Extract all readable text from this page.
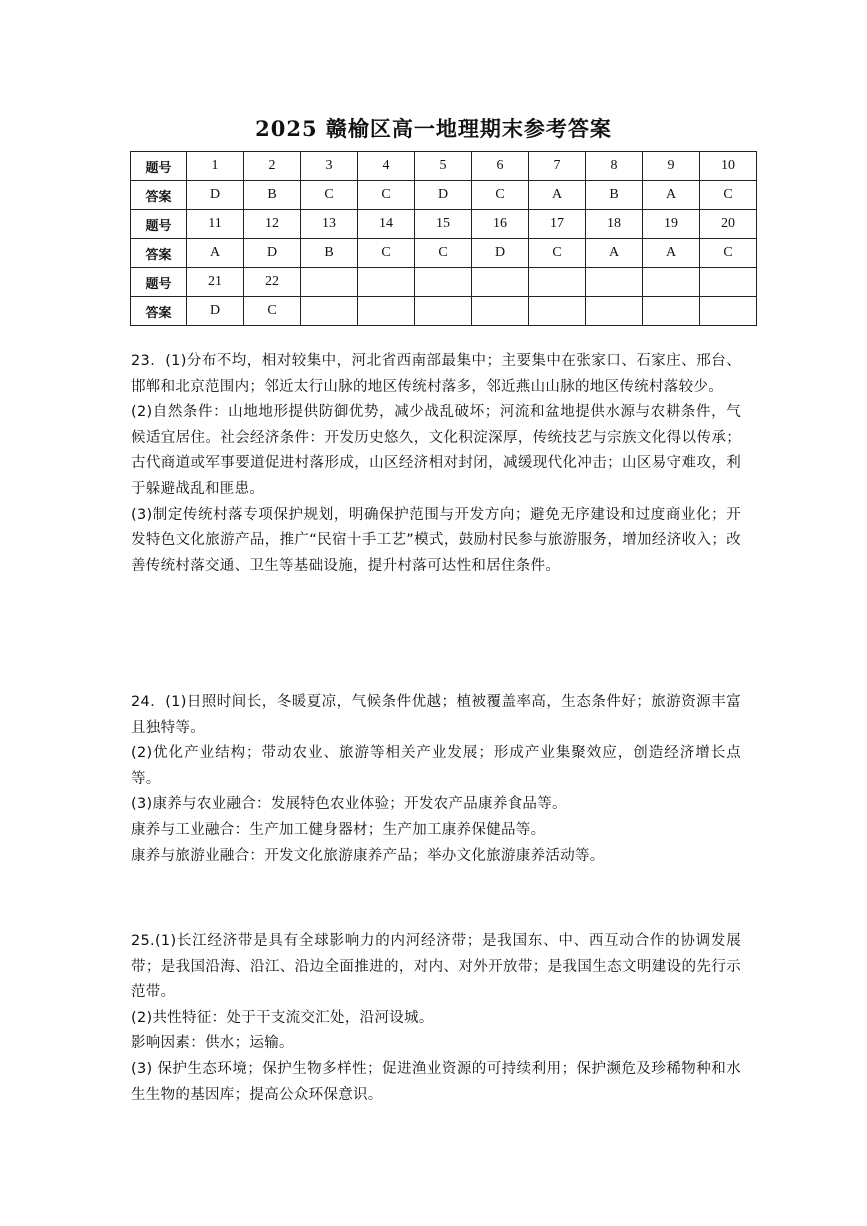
2025 赣榆区高一地理期末参考答案
题号	1	2	3	4	5	6	7	8	9	10
答案	D	B	C	C	D	C	A	B	A	C
题号	11	12	13	14	15	16	17	18	19	20
答案	A	D	B	C	C	D	C	A	A	C
题号	21	22								
答案	D	C								

23．(1)分布不均，相对较集中，河北省西南部最集中；主要集中在张家口、石家庄、邢台、邯郸和北京范围内；邻近太行山脉的地区传统村落多，邻近燕山山脉的地区传统村落较少。

(2)自然条件：山地地形提供防御优势，减少战乱破坏；河流和盆地提供水源与农耕条件，气候适宜居住。社会经济条件：开发历史悠久，文化积淀深厚，传统技艺与宗族文化得以传承；古代商道或军事要道促进村落形成，山区经济相对封闭，减缓现代化冲击；山区易守难攻，利于躲避战乱和匪患。

(3)制定传统村落专项保护规划，明确保护范围与开发方向；避免无序建设和过度商业化；开发特色文化旅游产品，推广“民宿十手工艺”模式，鼓励村民参与旅游服务，增加经济收入；改善传统村落交通、卫生等基础设施，提升村落可达性和居住条件。

24．(1)日照时间长，冬暖夏凉，气候条件优越；植被覆盖率高，生态条件好；旅游资源丰富且独特等。

(2)优化产业结构；带动农业、旅游等相关产业发展；形成产业集聚效应，创造经济增长点等。

(3)康养与农业融合：发展特色农业体验；开发农产品康养食品等。

康养与工业融合：生产加工健身器材；生产加工康养保健品等。

康养与旅游业融合：开发文化旅游康养产品；举办文化旅游康养活动等。

25.(1)长江经济带是具有全球影响力的内河经济带；是我国东、中、西互动合作的协调发展带；是我国沿海、沿江、沿边全面推进的，对内、对外开放带；是我国生态文明建设的先行示范带。

(2)共性特征：处于干支流交汇处，沿河设城。

影响因素：供水；运输。

(3) 保护生态环境；保护生物多样性；促进渔业资源的可持续利用；保护濒危及珍稀物种和水生生物的基因库；提高公众环保意识。
